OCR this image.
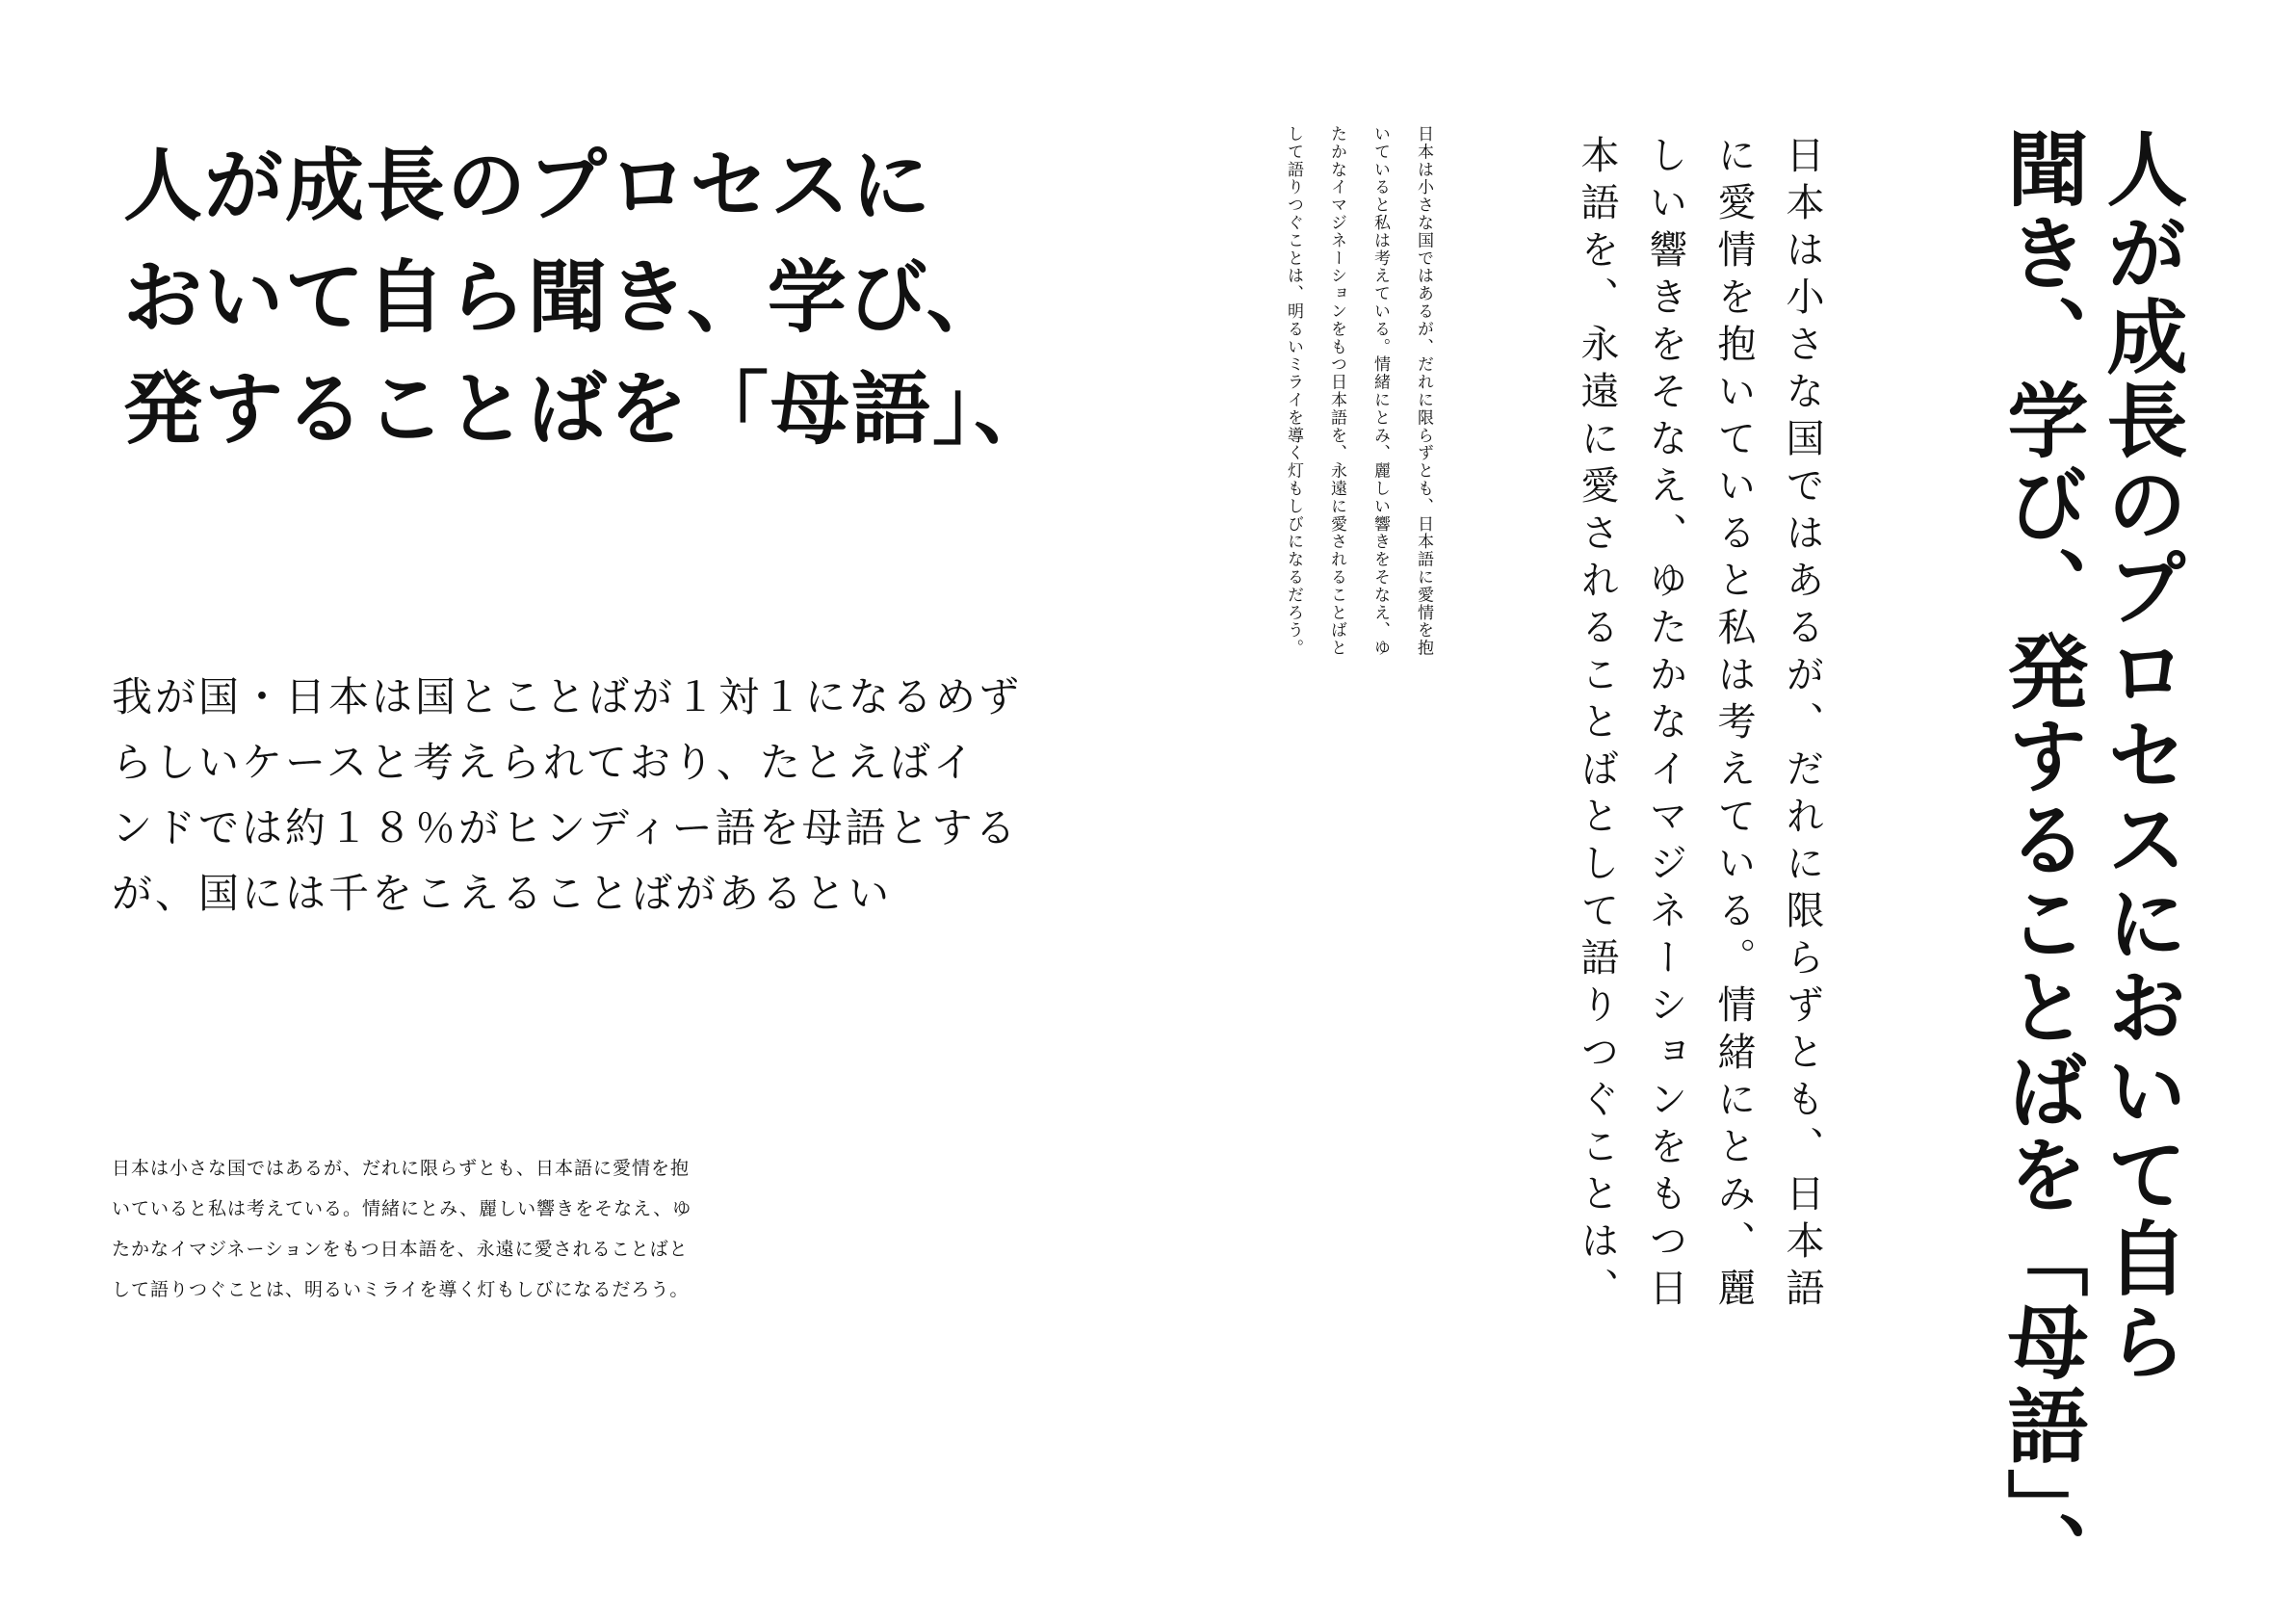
人が成長のプロセスに
おいて自ら聞き、学び、
発することばを「母語」、
我が国・日本は国とことばが１対１になるめず
らしいケースと考えられており、たとえばイ
ンドでは約１８％がヒンディー語を母語とする
が、国には千をこえることばがあるとい
日本は小さな国ではあるが、だれに限らずとも、日本語に愛情を抱
いていると私は考えている。情緒にとみ、麗しい響きをそなえ、ゆ
たかなイマジネーションをもつ日本語を、永遠に愛されることばと
して語りつぐことは、明るいミライを導く灯もしびになるだろう。
日本は小さな国ではあるが、だれに限らずとも、日本語に愛情を抱
いていると私は考えている。情緒にとみ、麗しい響きをそなえ、ゆ
たかなイマジネーションをもつ日本語を、永遠に愛されることばと
して語りつぐことは、明るいミライを導く灯もしびになるだろう。	日本は小さな国ではあるが、だれに限らずとも、日本語
に愛情を抱いていると私は考えている。情緒にとみ、麗
しい響きをそなえ、ゆたかなイマジネーションをもつ日
本語を、永遠に愛されることばとして語りつぐことは、	人が成長のプロセスにおいて自ら
聞き、学び、発することばを「母語」、
